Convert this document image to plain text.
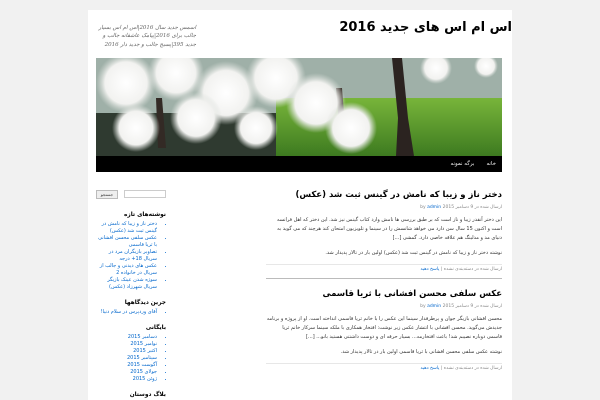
اس ام اس های جدید 2016
اسمس جدید سال 2016|اس ام اس بسیار جالب برای 2016|پیامک عاشقانه جالب و جدید 395|پسیج جالب و جدید دار 2016
خانه
برگه نمونه
دختر ناز و زیبا که نامش در گینس ثبت شد (عکس)
ارسال شده در 9 دسامبر 2015 by admin

این دختر آنقدر زیبا و ناز است که بر طبق بررسی ها نامش وارد کتاب گینس نیز شد. این دختر که اهل فرانسه است و اکنون 15 سال سن دارد می خواهد شانسش را در سینما و تلویزیون امتحان کند هرچند که می گوید به دنیای مد و مدلینگ هم علاقه خاصی دارد. گمشی [...]

نوشته دختر ناز و زیبا که نامش در گینس ثبت شد (عکس) اولین بار در تالار پدیدار شد.

ارسال شده در دسته‌بندی نشده | پاسخ دهید
عکس سلفی محسن افشانی با ثریا قاسمی
ارسال شده در 9 دسامبر 2015 by admin

محسن افشانی بازیگر جوان و پرطرفدار سینما این عکس را با خانم ثریا قاسمی انداخته است. او از پروژه و برنامه جدیدش می‌گوید. محسن افشانی با انتشار عکس زیر نوشت: افتخار همکاری با ملکه سینما سرکار خانم ثریا قاسمی دوباره نصیبم شد! باعث افتخارمه... بسیار حرفه ای و دوست داشتنی هستید بانو... [...]

نوشته عکس سلفی محسن افشانی با ثریا قاسمی اولین بار در تالار پدیدار شد.

ارسال شده در دسته‌بندی نشده | پاسخ دهید
جستجو
نوشته‌های تازه
• دختر ناز و زیبا که نامش در گینس ثبت شد (عکس)
• عکس سلفی محسن افشانی با ثریا قاسمی
• تصاویر بازیگران مرد در سریال 18+ درجه
• عکس های دیدنی و جالب از سریال در خانواده 2
• سوژه شدن عینک بازیگر سریال شهرزاد (عکس)
جرین دیدگاهها
• آقای وردپرس در سلام دنیا!
بایگانی
• دسامبر 2015
• نوامبر 2015
• اکتبر 2015
• سپتامبر 2015
• آگوست 2015
• جولای 2015
• ژوئن 2015
بلاگ دوستان
